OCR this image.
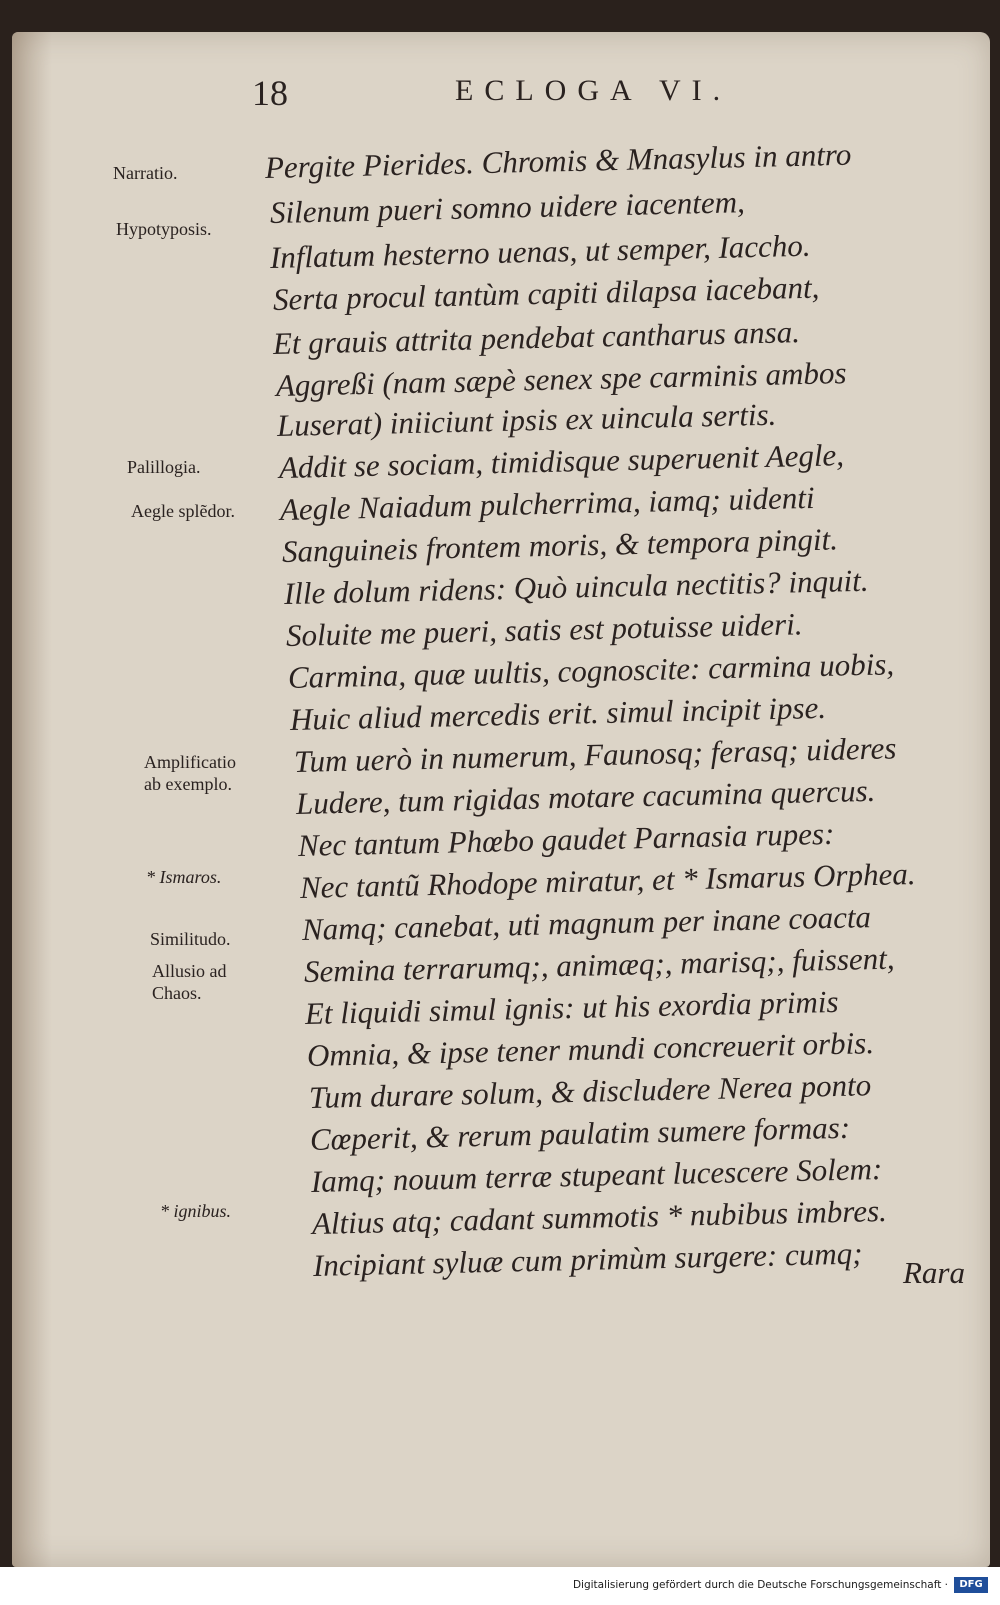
18	ECLOGA VI.
Narratio.
Hypotyposis.
Palillogia.
Aegle splẽdor.
Amplificatio
ab exemplo.
* Ismaros.
Similitudo.
Allusio ad
Chaos.
* ignibus.
Pergite Pierides. Chromis & Mnasylus in antro
Silenum pueri somno uidere iacentem,
Inflatum hesterno uenas, ut semper, Iaccho.
Serta procul tantùm capiti dilapsa iacebant,
Et grauis attrita pendebat cantharus ansa.
Aggreßi (nam sæpè senex spe carminis ambos
Luserat) iniiciunt ipsis ex uincula sertis.
Addit se sociam, timidisque superuenit Aegle,
Aegle Naiadum pulcherrima, iamq; uidenti
Sanguineis frontem moris, & tempora pingit.
Ille dolum ridens: Quò uincula nectitis? inquit.
Soluite me pueri, satis est potuisse uideri.
Carmina, quæ uultis, cognoscite: carmina uobis,
Huic aliud mercedis erit. simul incipit ipse.
Tum uerò in numerum, Faunosq; ferasq; uideres
Ludere, tum rigidas motare cacumina quercus.
Nec tantum Phœbo gaudet Parnasia rupes:
Nec tantũ Rhodope miratur, et * Ismarus Orphea.
Namq; canebat, uti magnum per inane coacta
Semina terrarumq;, animæq;, marisq;, fuissent,
Et liquidi simul ignis: ut his exordia primis
Omnia, & ipse tener mundi concreuerit orbis.
Tum durare solum, & discludere Nerea ponto
Cœperit, & rerum paulatim sumere formas:
Iamq; nouum terræ stupeant lucescere Solem:
Altius atq; cadant summotis * nubibus imbres.
Incipiant syluæ cum primùm surgere: cumq; Rara
Digitalisierung gefördert durch die Deutsche Forschungsgemeinschaft ·	DFG
